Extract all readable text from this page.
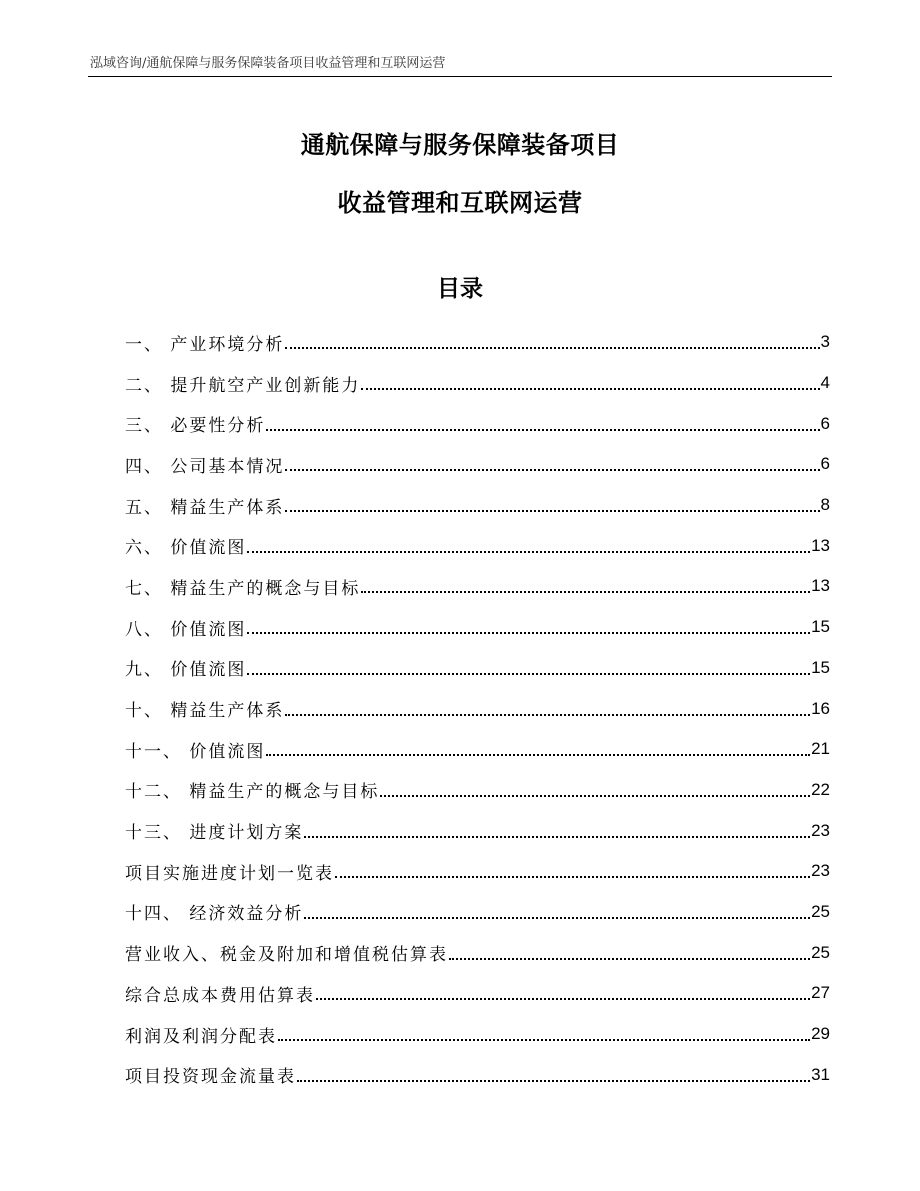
泓域咨询/通航保障与服务保障装备项目收益管理和互联网运营
通航保障与服务保障装备项目
收益管理和互联网运营
目录
一、 产业环境分析	3
二、 提升航空产业创新能力	4
三、 必要性分析	6
四、 公司基本情况	6
五、 精益生产体系	8
六、 价值流图	13
七、 精益生产的概念与目标	13
八、 价值流图	15
九、 价值流图	15
十、 精益生产体系	16
十一、 价值流图	21
十二、 精益生产的概念与目标	22
十三、 进度计划方案	23
项目实施进度计划一览表	23
十四、 经济效益分析	25
营业收入、税金及附加和增值税估算表	25
综合总成本费用估算表	27
利润及利润分配表	29
项目投资现金流量表	31
